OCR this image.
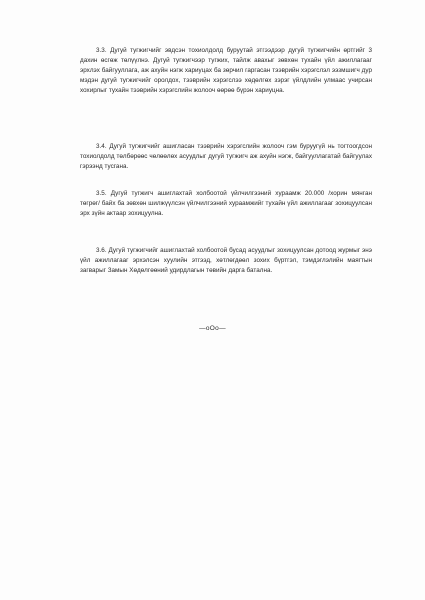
3.3. Дугуй тугжигчийг эвдсэн тохиолдолд буруутай этгээдээр дугуй тугжигчийн өртгийг 3 дахин өсгөж төлүүлнэ. Дугуй тугжигчээр тугжих, тайлж авахыг зөвхөн тухайн үйл ажиллагааг эрхлэх байгууллага, аж ахуйн нэгж хариуцах ба зөрчил гаргасан тээврийн хэрэгслэл ээзмшигч дур мэдэн дугуй тугжигчийг оролдох, тээврийн хэрэгслээ хөдөлгөх зэрэг үйлдлийн улмаас учирсан хохирлыг тухайн тээврийн хэрэгслийн жолооч өөрөө бүрэн хариуцна.

3.4. Дугуй тугжигчийг ашигласан тээврийн хэрэгслийн жолооч гэм буруугүй нь тогтоогдсон тохиолдолд төлбөрөөс чөлөөлөх асуудлыг дугуй тугжигч аж ахуйн нэгж, байгууллагатай байгуулах гэрээнд тусгана.

3.5. Дугуй тугжигч ашиглахтай холбоотой үйлчилгээний хураамж 20.000 /хорин мянган төгрөг/ байх ба зөвхөн шилжүүлсэн үйлчилгээний хураамжийг тухайн үйл ажиллагааг зохицуулсан эрх зүйн актаар зохицуулна.

3.6. Дугуй тугжигчийг ашиглахтай холбоотой бусад асуудлыг зохицуулсан дотоод журмыг энэ үйл ажиллагааг эрхэлсэн хуулийн этгээд, хөтлөгдөөл зохих бүртгэл, тэмдэглэлийн маягтын загварыг Замын Хөдөлгөөний удирдлагын төвийн дарга батална.

—oOo—
